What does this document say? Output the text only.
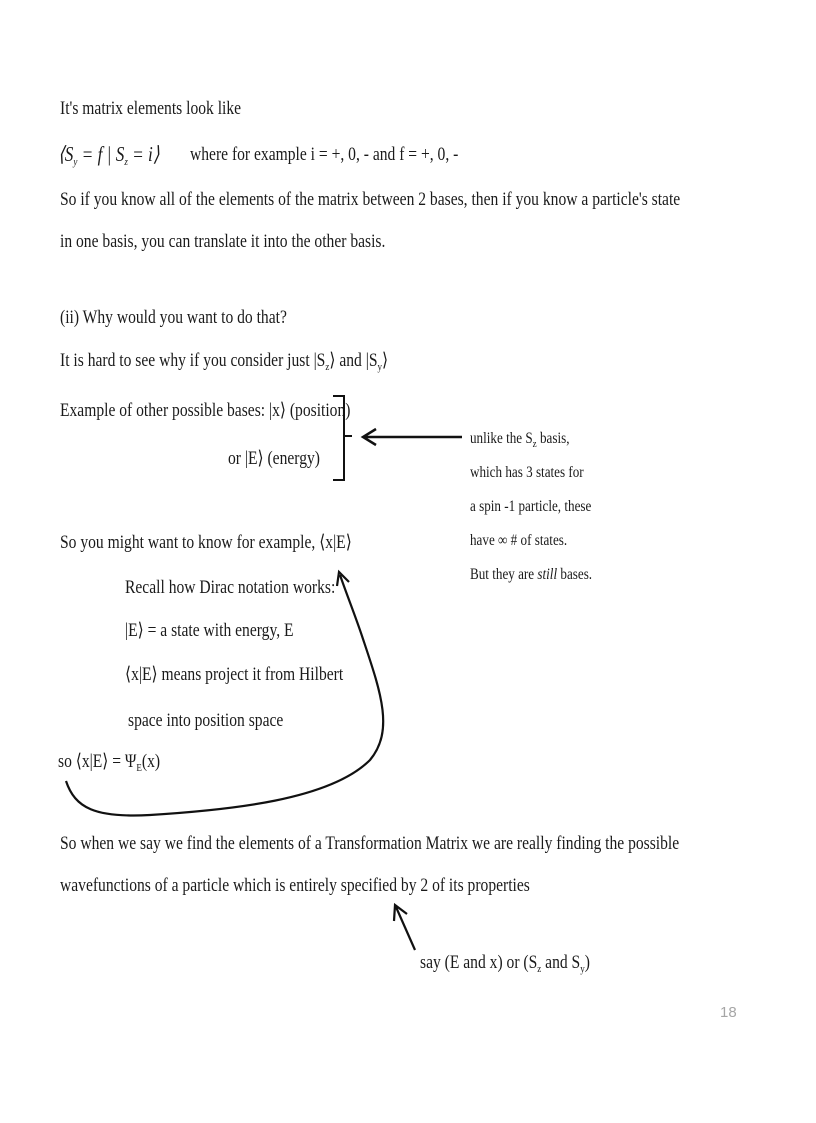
It's matrix elements look like
$⟨S_y = f$ | $S_z$ = i⟩ where for example i = +, 0, - and f = +, 0, -
So if you know all of the elements of the matrix between 2 bases, then if you know a particle's state
in one basis, you can translate it into the other basis.
(ii) Why would you want to do that?
It is hard to see why if you consider just $|S_z⟩$ and $|S_y⟩$
Example of other possible bases: |x⟩ (position)
or |E⟩ (energy)
unlike the $S_z$ basis,
which has 3 states for
a spin -1 particle, these
have ∞ # of states.
But they are still bases.
So you might want to know for example, ⟨x|E⟩
Recall how Dirac notation works:
|E⟩ = a state with energy, E
⟨x|E⟩ means project it from Hilbert
space into position space
so ⟨x|E⟩ = $\Psi_E(x)$
So when we say we find the elements of a Transformation Matrix we are really finding the possible
wavefunctions of a particle which is entirely specified by 2 of its properties
say (E and x) or ($S_z$ and $S_y$)
18
